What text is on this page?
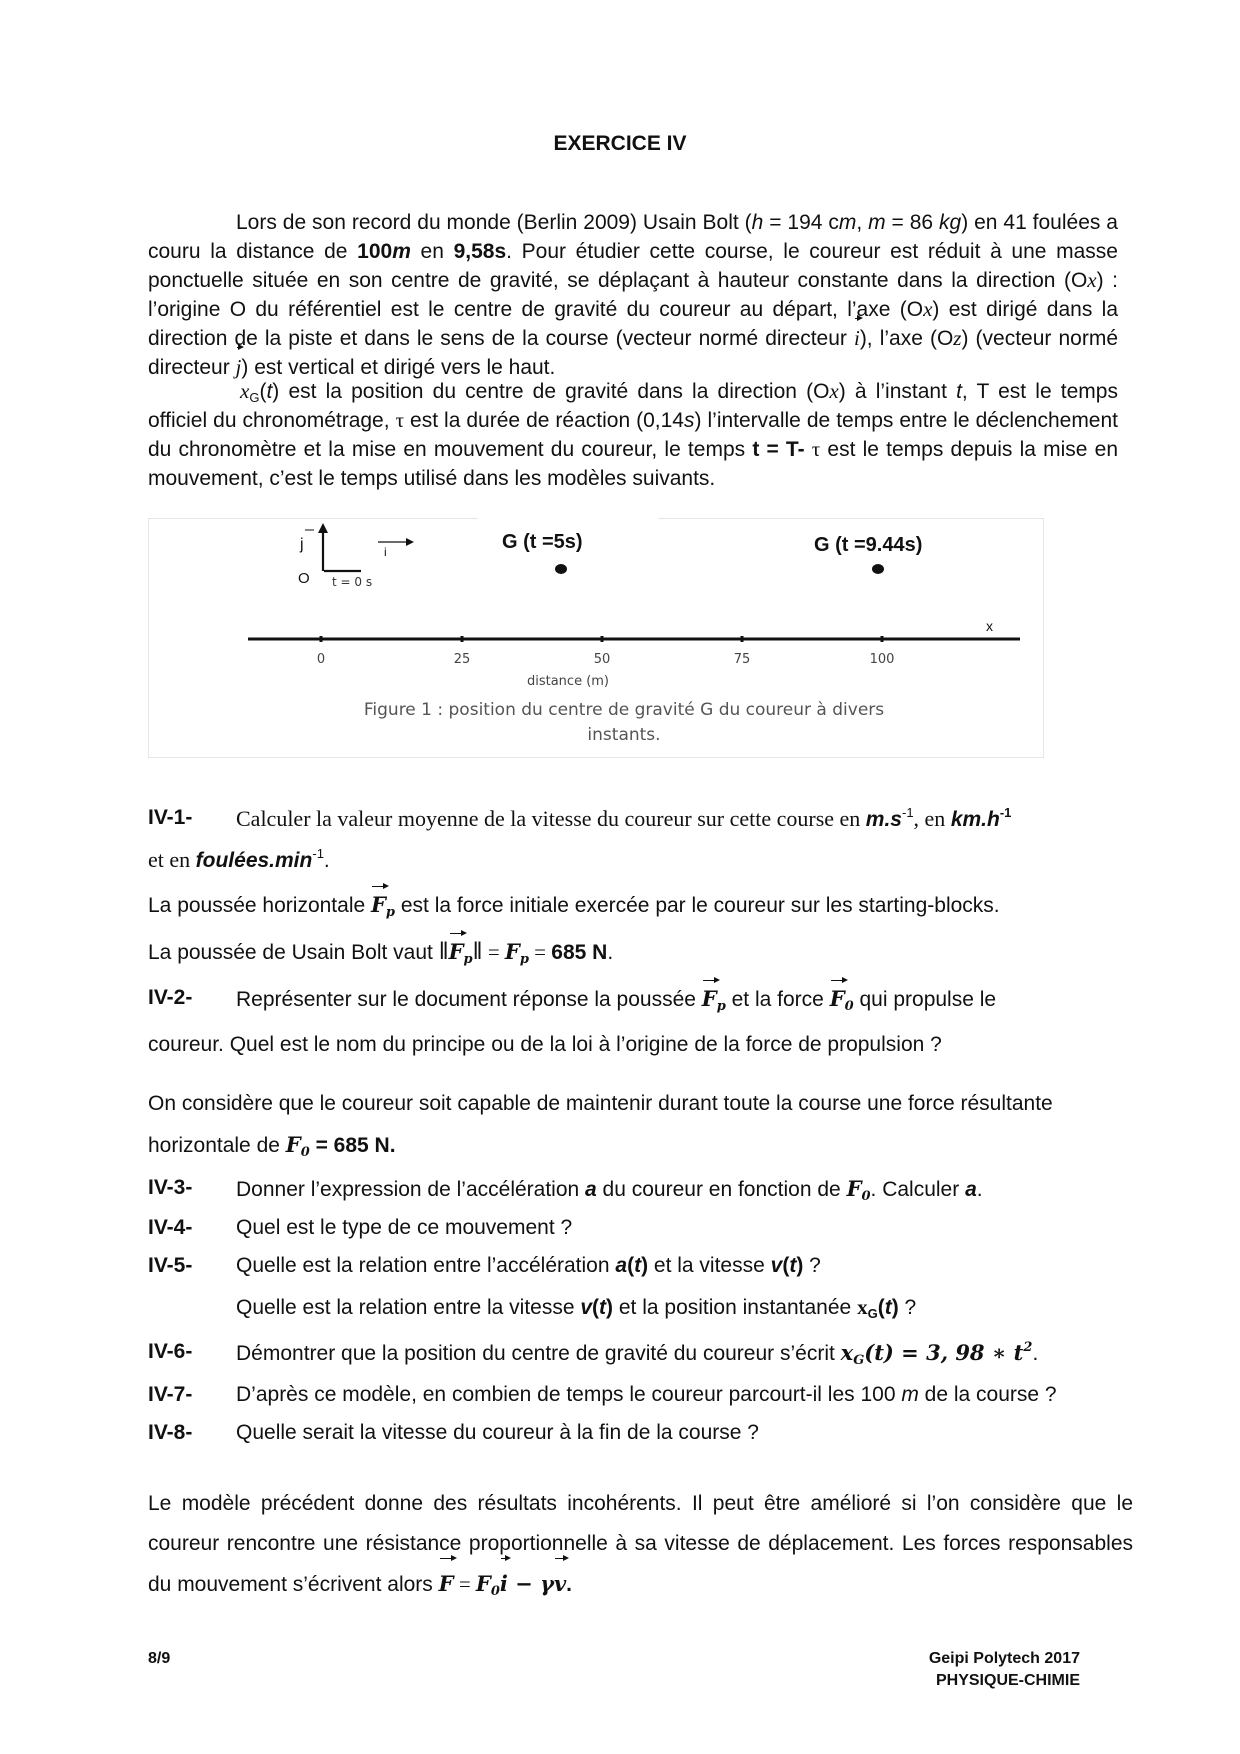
EXERCICE IV
Lors de son record du monde (Berlin 2009) Usain Bolt (h = 194 cm, m = 86 kg) en 41 foulées a couru la distance de 100m en 9,58s. Pour étudier cette course, le coureur est réduit à une masse ponctuelle située en son centre de gravité, se déplaçant à hauteur constante dans la direction (Ox) : l’origine O du référentiel est le centre de gravité du coureur au départ, l’axe (Ox) est dirigé dans la direction de la piste et dans le sens de la course (vecteur normé directeur i), l’axe (Oz) (vecteur normé directeur j) est vertical et dirigé vers le haut.
$x_G(t)$ est la position du centre de gravité dans la direction (Ox) à l’instant t, T est le temps officiel du chronométrage, τ est la durée de réaction (0,14s) l’intervalle de temps entre le déclenchement du chronomètre et la mise en mouvement du coureur, le temps t = T- τ est le temps depuis la mise en mouvement, c’est le temps utilisé dans les modèles suivants.
j	i
O t = 0 s
G (t =5s)	G (t =9.44s)
x
0	25	50	75	100
distance (m)
Figure 1 : position du centre de gravité G du coureur à divers
instants.
IV-1- Calculer la valeur moyenne de la vitesse du coureur sur cette course en $m.s^{-1}$, en $km.h^{-1}$
et en $foulées.\min^{-1}$.
La poussée horizontale $F_p$ est la force initiale exercée par le coureur sur les starting-blocks.
La poussée de Usain Bolt vaut $‖F_p‖ = F_p = 685$ N.
IV-2- Représenter sur le document réponse la poussée $F_p$ et la force $F_0$ qui propulse le
coureur. Quel est le nom du principe ou de la loi à l’origine de la force de propulsion ?
On considère que le coureur soit capable de maintenir durant toute la course une force résultante
horizontale de $F_0 = 685$ N.
IV-3- Donner l’expression de l’accélération a du coureur en fonction de $F_0$. Calculer a.
IV-4- Quel est le type de ce mouvement ?
IV-5- Quelle est la relation entre l’accélération a(t) et la vitesse v(t) ?
Quelle est la relation entre la vitesse v(t) et la position instantanée $x_G(t)$ ?
IV-6- Démontrer que la position du centre de gravité du coureur s’écrit $x_G(t) = 3$, 98 ∗ $t^2$.
IV-7- D’après ce modèle, en combien de temps le coureur parcourt-il les 100 m de la course ?
IV-8- Quelle serait la vitesse du coureur à la fin de la course ?
Le modèle précédent donne des résultats incohérents. Il peut être amélioré si l’on considère que le coureur rencontre une résistance proportionnelle à sa vitesse de déplacement. Les forces responsables du mouvement s’écrivent alors $F = F_0i - \gamma v$.
8/9	Geipi Polytech 2017
PHYSIQUE-CHIMIE
